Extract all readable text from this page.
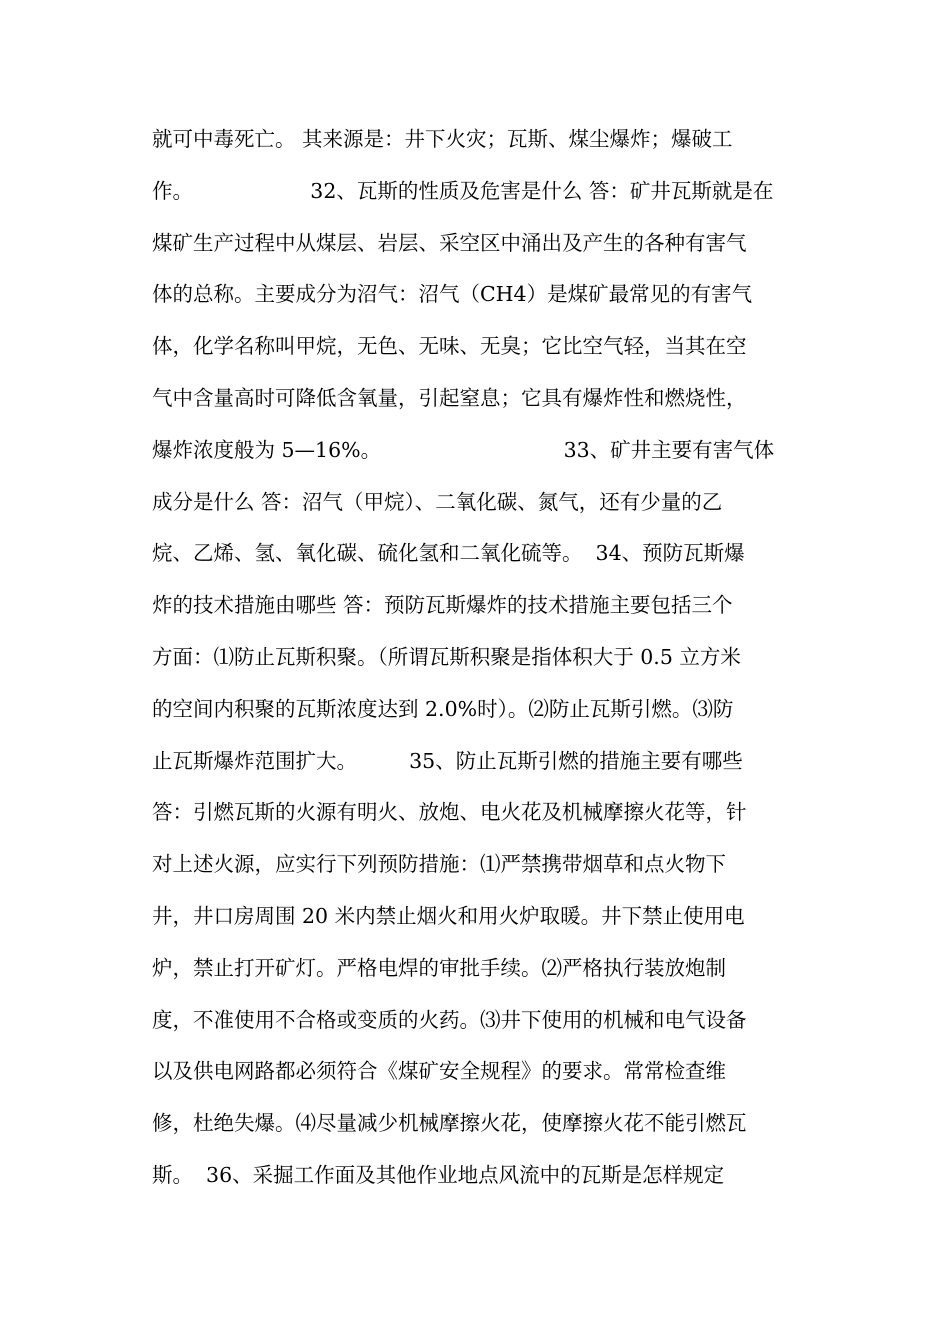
就可中毒死亡。 其来源是：井下火灾；瓦斯、煤尘爆炸；爆破工
作。                  32、瓦斯的性质及危害是什么 答：矿井瓦斯就是在
煤矿生产过程中从煤层、岩层、采空区中涌出及产生的各种有害气
体的总称。主要成分为沼气：沼气（CH4）是煤矿最常见的有害气
体，化学名称叫甲烷，无色、无味、无臭；它比空气轻，当其在空
气中含量高时可降低含氧量，引起窒息；它具有爆炸性和燃烧性，
爆炸浓度般为 5—16%。                            33、矿井主要有害气体
成分是什么 答：沼气（甲烷）、二氧化碳、氮气，还有少量的乙
烷、乙烯、氢、氧化碳、硫化氢和二氧化硫等。  34、预防瓦斯爆
炸的技术措施由哪些 答：预防瓦斯爆炸的技术措施主要包括三个
方面：⑴防止瓦斯积聚。（所谓瓦斯积聚是指体积大于 0.5 立方米
的空间内积聚的瓦斯浓度达到 2.0%时）。⑵防止瓦斯引燃。⑶防
止瓦斯爆炸范围扩大。        35、防止瓦斯引燃的措施主要有哪些
答：引燃瓦斯的火源有明火、放炮、电火花及机械摩擦火花等，针
对上述火源，应实行下列预防措施：⑴严禁携带烟草和点火物下
井，井口房周围 20 米内禁止烟火和用火炉取暖。井下禁止使用电
炉，禁止打开矿灯。严格电焊的审批手续。⑵严格执行装放炮制
度，不准使用不合格或变质的火药。⑶井下使用的机械和电气设备
以及供电网路都必须符合《煤矿安全规程》的要求。常常检查维
修，杜绝失爆。⑷尽量减少机械摩擦火花，使摩擦火花不能引燃瓦
斯。  36、采掘工作面及其他作业地点风流中的瓦斯是怎样规定
